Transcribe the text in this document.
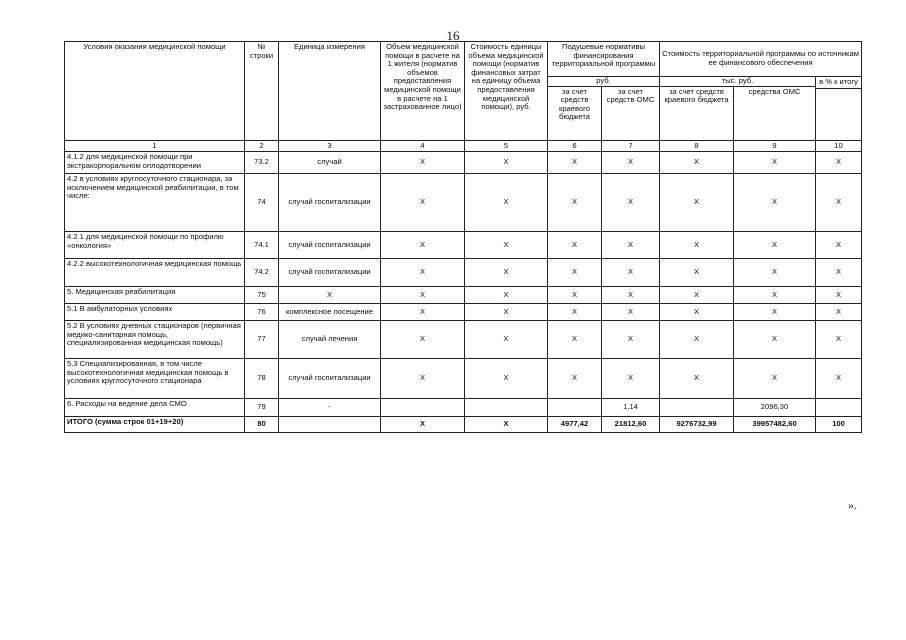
16
Условия оказания медицинской помощи	№ строки	Единица измерения	Объем медицинской помощи в расчете на 1 жителя (норматив объемов предоставления медицинской помощи в расчете на 1 застрахованное лицо)	Стоимость единицы объема медицинской помощи (норматив финансовых затрат на единицу объема предоставления медицинской помощи), руб.	Подушевые нормативы финансирования территориальной программы		Стоимость территориальной программы по источникам ее финансового обеспечения		
					руб.		тыс. руб.		в % к итогу
					за счет средств краевого бюджета	за счет средств ОМС	за счет средств краевого бюджета	средства ОМС	

1	2	3	4	5	6	7	8	9	10
4.1.2 для медицинской помощи при экстракорпоральном оплодотворении	73.2	случай	X	X	X	X	X	X	X
4.2 в условиях круглосуточного стационара, за исключением медицинской реабилитации, в том числе:	74	случай госпитализации	X	X	X	X	X	X	X
4.2.1 для медицинской помощи по профилю «онкология»	74.1	случай госпитализации	X	X	X	X	X	X	X
4.2.2 высокотехнологичная медицинская помощь	74.2	случай госпитализации	X	X	X	X	X	X	X
5. Медицинская реабилитация	75	X	X	X	X	X	X	X	X
5.1 В амбулаторных условиях	76	комплексное посещение	X	X	X	X	X	X	X
5.2 В условиях дневных стационаров (первичная медико-санитарная помощь, специализированная медицинская помощь)	77	случай лечения	X	X	X	X	X	X	X
5.3 Специализированная, в том числе высокотехнологичная медицинская помощь в условиях круглосуточного стационара	78	случай госпитализации	X	X	X	X	X	X	X
6. Расходы на ведение дела СМО	79	-				1,14		2096,30	
ИТОГО (сумма строк 01+19+20)	80		X	X	4977,42	21812,60	9276732,99	39957482,60	100
».
